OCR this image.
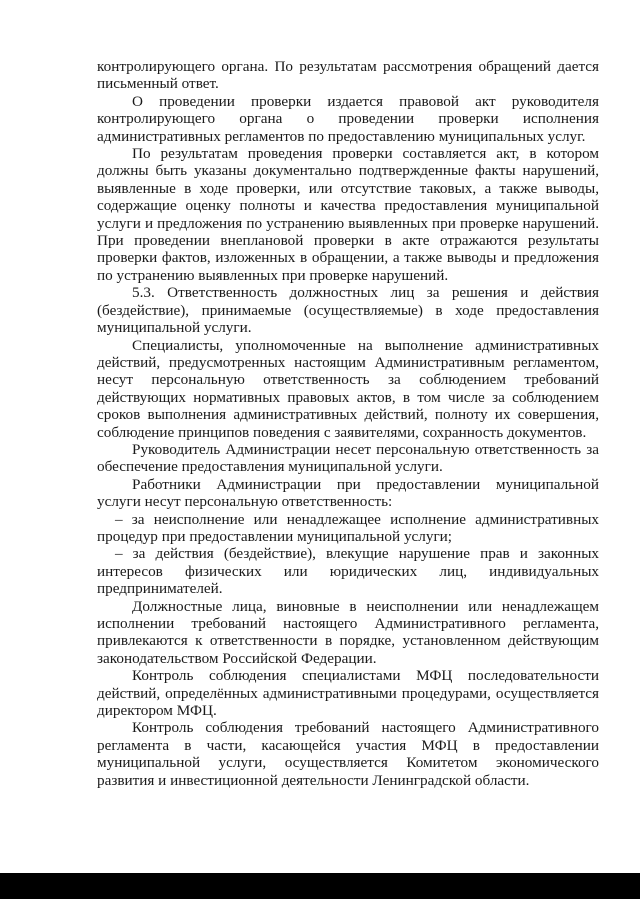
контролирующего органа. По результатам рассмотрения обращений дается письменный ответ.

О проведении проверки издается правовой акт руководителя контролирующего органа о проведении проверки исполнения административных регламентов по предоставлению муниципальных услуг.

По результатам проведения проверки составляется акт, в котором должны быть указаны документально подтвержденные факты нарушений, выявленные в ходе проверки, или отсутствие таковых, а также выводы, содержащие оценку полноты и качества предоставления муниципальной услуги и предложения по устранению выявленных при проверке нарушений. При проведении внеплановой проверки в акте отражаются результаты проверки фактов, изложенных в обращении, а также выводы и предложения по устранению выявленных при проверке нарушений.

5.3. Ответственность должностных лиц за решения и действия (бездействие), принимаемые (осуществляемые) в ходе предоставления муниципальной услуги.

Специалисты, уполномоченные на выполнение административных действий, предусмотренных настоящим Административным регламентом, несут персональную ответственность за соблюдением требований действующих нормативных правовых актов, в том числе за соблюдением сроков выполнения административных действий, полноту их совершения, соблюдение принципов поведения с заявителями, сохранность документов.

Руководитель Администрации несет персональную ответственность за обеспечение предоставления муниципальной услуги.

Работники Администрации при предоставлении муниципальной услуги несут персональную ответственность:

– за неисполнение или ненадлежащее исполнение административных процедур при предоставлении муниципальной услуги;

– за действия (бездействие), влекущие нарушение прав и законных интересов физических или юридических лиц, индивидуальных предпринимателей.

Должностные лица, виновные в неисполнении или ненадлежащем исполнении требований настоящего Административного регламента, привлекаются к ответственности в порядке, установленном действующим законодательством Российской Федерации.

Контроль соблюдения специалистами МФЦ последовательности действий, определённых административными процедурами, осуществляется директором МФЦ.

Контроль соблюдения требований настоящего Административного регламента в части, касающейся участия МФЦ в предоставлении муниципальной услуги, осуществляется Комитетом экономического развития и инвестиционной деятельности Ленинградской области.
